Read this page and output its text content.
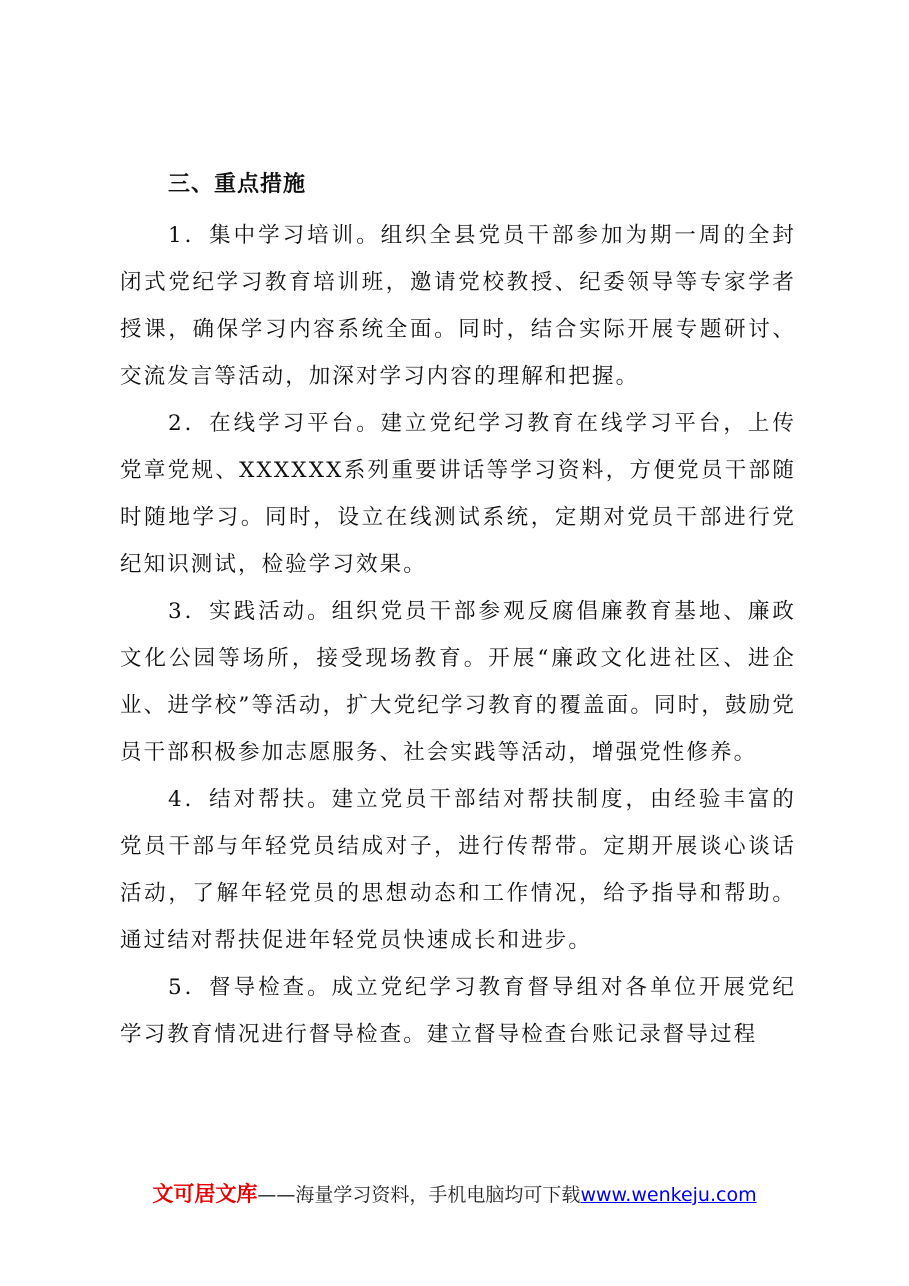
三、重点措施

1．集中学习培训。组织全县党员干部参加为期一周的全封闭式党纪学习教育培训班，邀请党校教授、纪委领导等专家学者授课，确保学习内容系统全面。同时，结合实际开展专题研讨、交流发言等活动，加深对学习内容的理解和把握。

2．在线学习平台。建立党纪学习教育在线学习平台，上传党章党规、XXXXXX系列重要讲话等学习资料，方便党员干部随时随地学习。同时，设立在线测试系统，定期对党员干部进行党纪知识测试，检验学习效果。

3．实践活动。组织党员干部参观反腐倡廉教育基地、廉政文化公园等场所，接受现场教育。开展“廉政文化进社区、进企业、进学校”等活动，扩大党纪学习教育的覆盖面。同时，鼓励党员干部积极参加志愿服务、社会实践等活动，增强党性修养。

4．结对帮扶。建立党员干部结对帮扶制度，由经验丰富的党员干部与年轻党员结成对子，进行传帮带。定期开展谈心谈话活动，了解年轻党员的思想动态和工作情况，给予指导和帮助。通过结对帮扶促进年轻党员快速成长和进步。

5．督导检查。成立党纪学习教育督导组对各单位开展党纪学习教育情况进行督导检查。建立督导检查台账记录督导过程

文可居文库——海量学习资料，手机电脑均可下载www.wenkeju.com
